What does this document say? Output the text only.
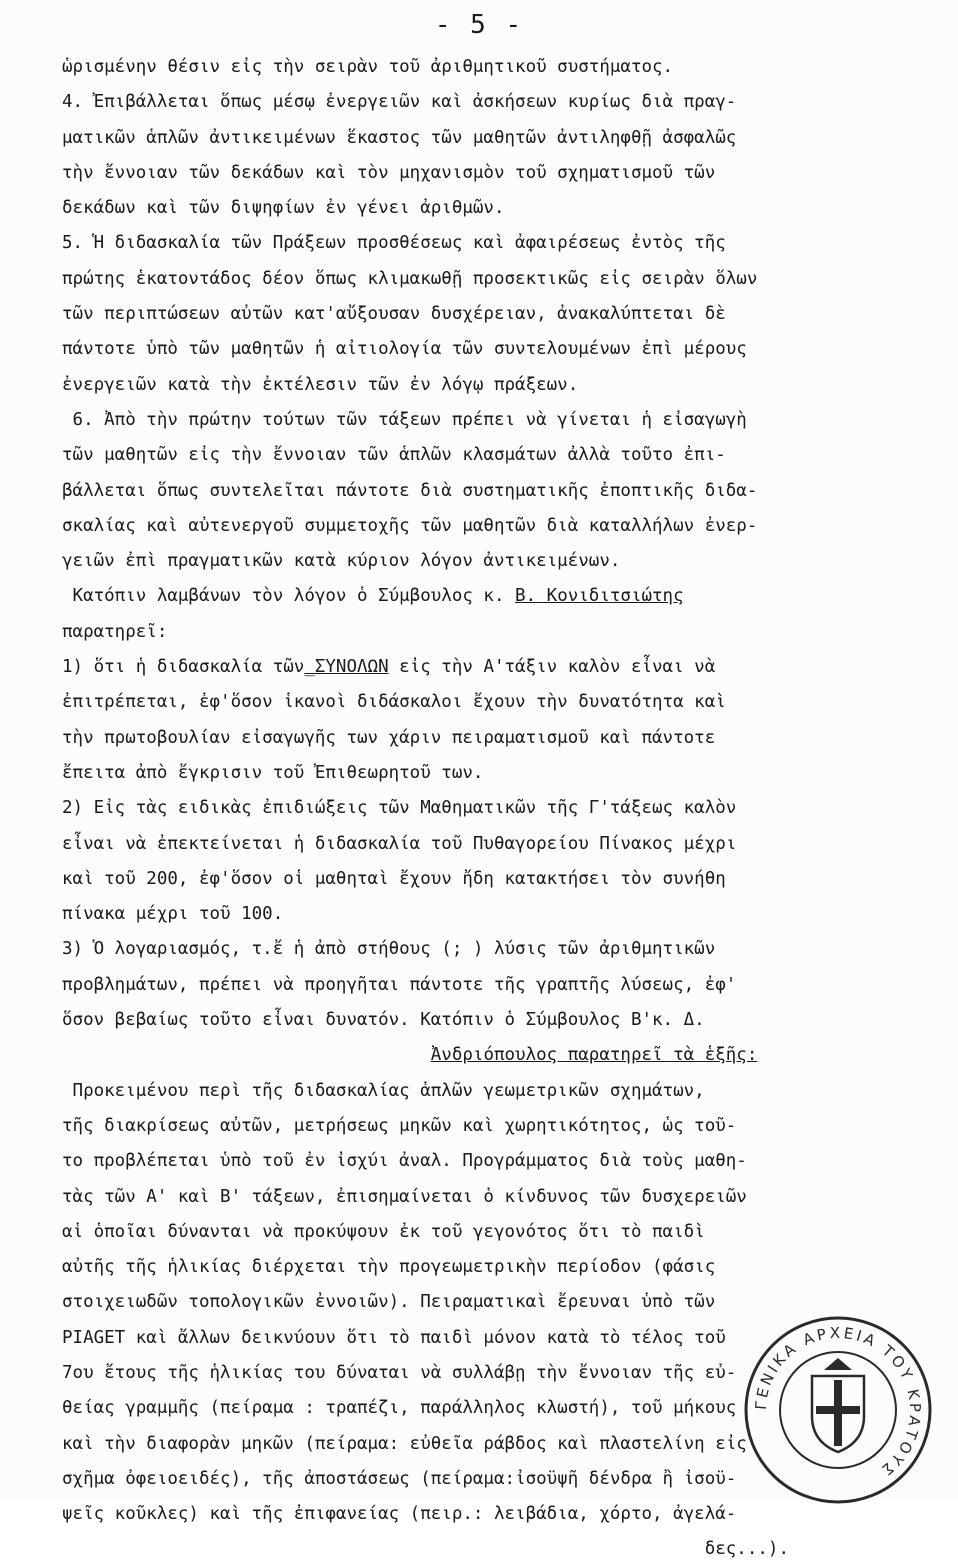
- 5 -
ὡρισμένην θέσιν εἰς τὴν σειρὰν τοῦ ἀριθμητικοῦ συστήματος.
4. Ἐπιβάλλεται ὅπως μέσῳ ἐνεργειῶν καὶ ἀσκήσεων κυρίως διὰ πραγ-
ματικῶν ἁπλῶν ἀντικειμένων ἕκαστος τῶν μαθητῶν ἀντιληφθῇ ἀσφαλῶς
τὴν ἔννοιαν τῶν δεκάδων καὶ τὸν μηχανισμὸν τοῦ σχηματισμοῦ τῶν
δεκάδων καὶ τῶν διψηφίων ἐν γένει ἀριθμῶν.
5. Ἡ διδασκαλία τῶν Πράξεων προσθέσεως καὶ ἀφαιρέσεως ἐντὸς τῆς
πρώτης ἑκατοντάδος δέον ὅπως κλιμακωθῇ προσεκτικῶς εἰς σειρὰν ὅλων
τῶν περιπτώσεων αὐτῶν κατ'αὔξουσαν δυσχέρειαν, ἀνακαλύπτεται δὲ
πάντοτε ὑπὸ τῶν μαθητῶν ἡ αἰτιολογία τῶν συντελουμένων ἐπὶ μέρους
ἐνεργειῶν κατὰ τὴν ἐκτέλεσιν τῶν ἐν λόγῳ πράξεων.
6. Ἀπὸ τὴν πρώτην τούτων τῶν τάξεων πρέπει νὰ γίνεται ἡ εἰσαγωγὴ
τῶν μαθητῶν εἰς τὴν ἔννοιαν τῶν ἁπλῶν κλασμάτων ἀλλὰ τοῦτο ἐπι-
βάλλεται ὅπως συντελεῖται πάντοτε διὰ συστηματικῆς ἐποπτικῆς διδα-
σκαλίας καὶ αὐτενεργοῦ συμμετοχῆς τῶν μαθητῶν διὰ καταλλήλων ἐνερ-
γειῶν ἐπὶ πραγματικῶν κατὰ κύριον λόγον ἀντικειμένων.
Κατόπιν λαμβάνων τὸν λόγον ὁ Σύμβουλος κ. Β. Κονιδιτσιώτης
παρατηρεῖ:
1) ὅτι ἡ διδασκαλία τῶν_ΣΥΝΟΛΩΝ εἰς τὴν Α'τάξιν καλὸν εἶναι νὰ
ἐπιτρέπεται, ἐφ'ὅσον ἱκανοὶ διδάσκαλοι ἔχουν τὴν δυνατότητα καὶ
τὴν πρωτοβουλίαν εἰσαγωγῆς των χάριν πειραματισμοῦ καὶ πάντοτε
ἔπειτα ἀπὸ ἔγκρισιν τοῦ Ἐπιθεωρητοῦ των.
2) Εἰς τὰς ειδικὰς ἐπιδιώξεις τῶν Μαθηματικῶν τῆς Γ'τάξεως καλὸν
εἶναι νὰ ἐπεκτείνεται ἡ διδασκαλία τοῦ Πυθαγορείου Πίνακος μέχρι
καὶ τοῦ 200, ἐφ'ὅσον οἱ μαθηταὶ ἔχουν ἤδη κατακτήσει τὸν συνήθη
πίνακα μέχρι τοῦ 100.
3) Ὁ λογαριασμός, τ.ἔ ἡ ἀπὸ στήθους (; ) λύσις τῶν ἀριθμητικῶν
προβλημάτων, πρέπει νὰ προηγῆται πάντοτε τῆς γραπτῆς λύσεως, ἐφ'
ὅσον βεβαίως τοῦτο εἶναι δυνατόν. Κατόπιν ὁ Σύμβουλος Β'κ. Δ.
Ἀνδριόπουλος παρατηρεῖ τὰ ἑξῆς:
Προκειμένου περὶ τῆς διδασκαλίας ἁπλῶν γεωμετρικῶν σχημάτων,
τῆς διακρίσεως αὐτῶν, μετρήσεως μηκῶν καὶ χωρητικότητος, ὡς τοῦ-
το προβλέπεται ὑπὸ τοῦ ἐν ἰσχύι ἀναλ. Προγράμματος διὰ τοὺς μαθη-
τὰς τῶν Α' καὶ Β' τάξεων, ἐπισημαίνεται ὁ κίνδυνος τῶν δυσχερειῶν
αἱ ὁποῖαι δύνανται νὰ προκύψουν ἐκ τοῦ γεγονότος ὅτι τὸ παιδὶ
αὐτῆς τῆς ἡλικίας διέρχεται τὴν προγεωμετρικὴν περίοδον (φάσις
στοιχειωδῶν τοπολογικῶν ἐννοιῶν). Πειραματικαὶ ἔρευναι ὑπὸ τῶν
PIAGET καὶ ἄλλων δεικνύουν ὅτι τὸ παιδὶ μόνον κατὰ τὸ τέλος τοῦ
7ου ἔτους τῆς ἡλικίας του δύναται νὰ συλλάβῃ τὴν ἔννοιαν τῆς εὐ-
θείας γραμμῆς (πείραμα : τραπέζι, παράλληλος κλωστή), τοῦ μήκους
καὶ τὴν διαφορὰν μηκῶν (πείραμα: εὐθεῖα ράβδος καὶ πλαστελίνη εἰς
σχῆμα ὀφειοειδές), τῆς ἀποστάσεως (πείραμα:ἰσοϋψῆ δένδρα ἢ ἰσοϋ-
ψεῖς κοῦκλες) καὶ τῆς ἐπιφανείας (πειρ.: λειβάδια, χόρτο, ἀγελά-
δες...).
ΓΕΝΙΚΑ ΑΡΧΕΙΑ ΤΟΥ ΚΡΑΤΟΥΣ
